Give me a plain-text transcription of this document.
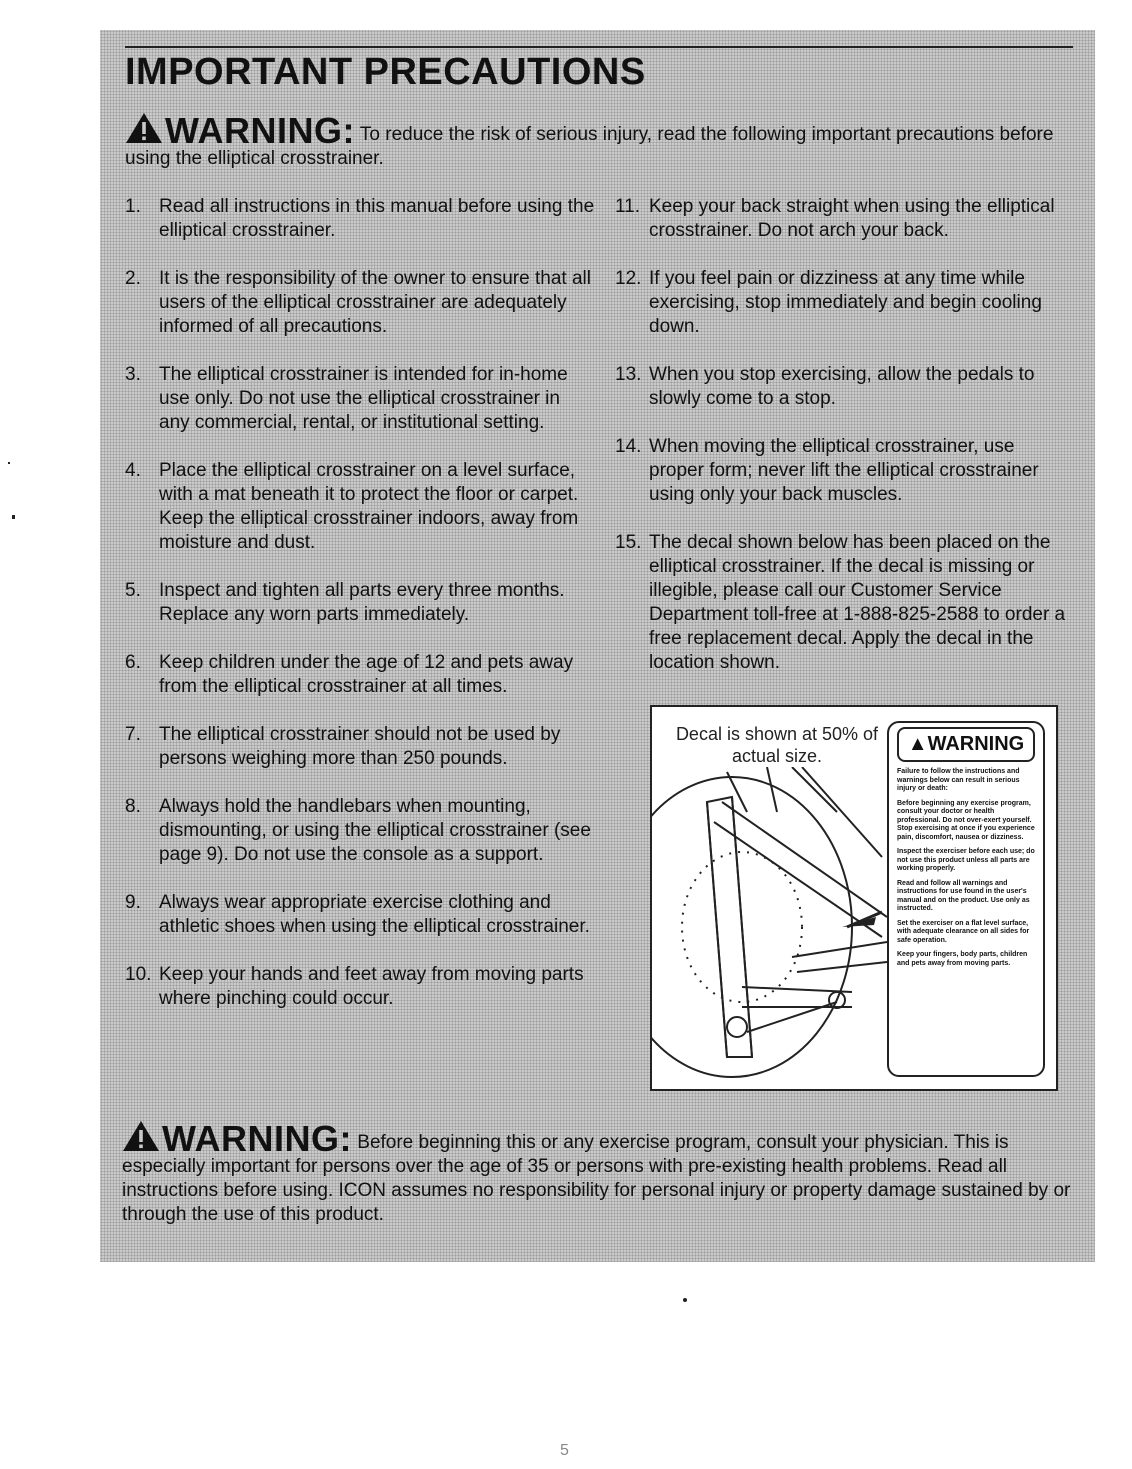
IMPORTANT PRECAUTIONS
WARNING: To reduce the risk of serious injury, read the following important precautions before using the elliptical crosstrainer.
1. Read all instructions in this manual before using the elliptical crosstrainer.
2. It is the responsibility of the owner to ensure that all users of the elliptical crosstrainer are adequately informed of all precautions.
3. The elliptical crosstrainer is intended for in-home use only. Do not use the elliptical crosstrainer in any commercial, rental, or institutional setting.
4. Place the elliptical crosstrainer on a level surface, with a mat beneath it to protect the floor or carpet. Keep the elliptical crosstrainer indoors, away from moisture and dust.
5. Inspect and tighten all parts every three months. Replace any worn parts immediately.
6. Keep children under the age of 12 and pets away from the elliptical crosstrainer at all times.
7. The elliptical crosstrainer should not be used by persons weighing more than 250 pounds.
8. Always hold the handlebars when mounting, dismounting, or using the elliptical crosstrainer (see page 9). Do not use the console as a support.
9. Always wear appropriate exercise clothing and athletic shoes when using the elliptical crosstrainer.
10. Keep your hands and feet away from moving parts where pinching could occur.
11. Keep your back straight when using the elliptical crosstrainer. Do not arch your back.
12. If you feel pain or dizziness at any time while exercising, stop immediately and begin cooling down.
13. When you stop exercising, allow the pedals to slowly come to a stop.
14. When moving the elliptical crosstrainer, use proper form; never lift the elliptical crosstrainer using only your back muscles.
15. The decal shown below has been placed on the elliptical crosstrainer. If the decal is missing or illegible, please call our Customer Service Department toll-free at 1-888-825-2588 to order a free replacement decal. Apply the decal in the location shown.
Decal is shown at 50% of actual size.
▲WARNING

Failure to follow the instructions and warnings below can result in serious injury or death:

Before beginning any exercise program, consult your doctor or health professional. Do not over-exert yourself. Stop exercising at once if you experience pain, discomfort, nausea or dizziness.

Inspect the exerciser before each use; do not use this product unless all parts are working properly.

Read and follow all warnings and instructions for use found in the user's manual and on the product. Use only as instructed.

Set the exerciser on a flat level surface, with adequate clearance on all sides for safe operation.

Keep your fingers, body parts, children and pets away from moving parts.

WARNING: Before beginning this or any exercise program, consult your physician. This is especially important for persons over the age of 35 or persons with pre-existing health problems. Read all instructions before using. ICON assumes no responsibility for personal injury or property damage sustained by or through the use of this product.
5
